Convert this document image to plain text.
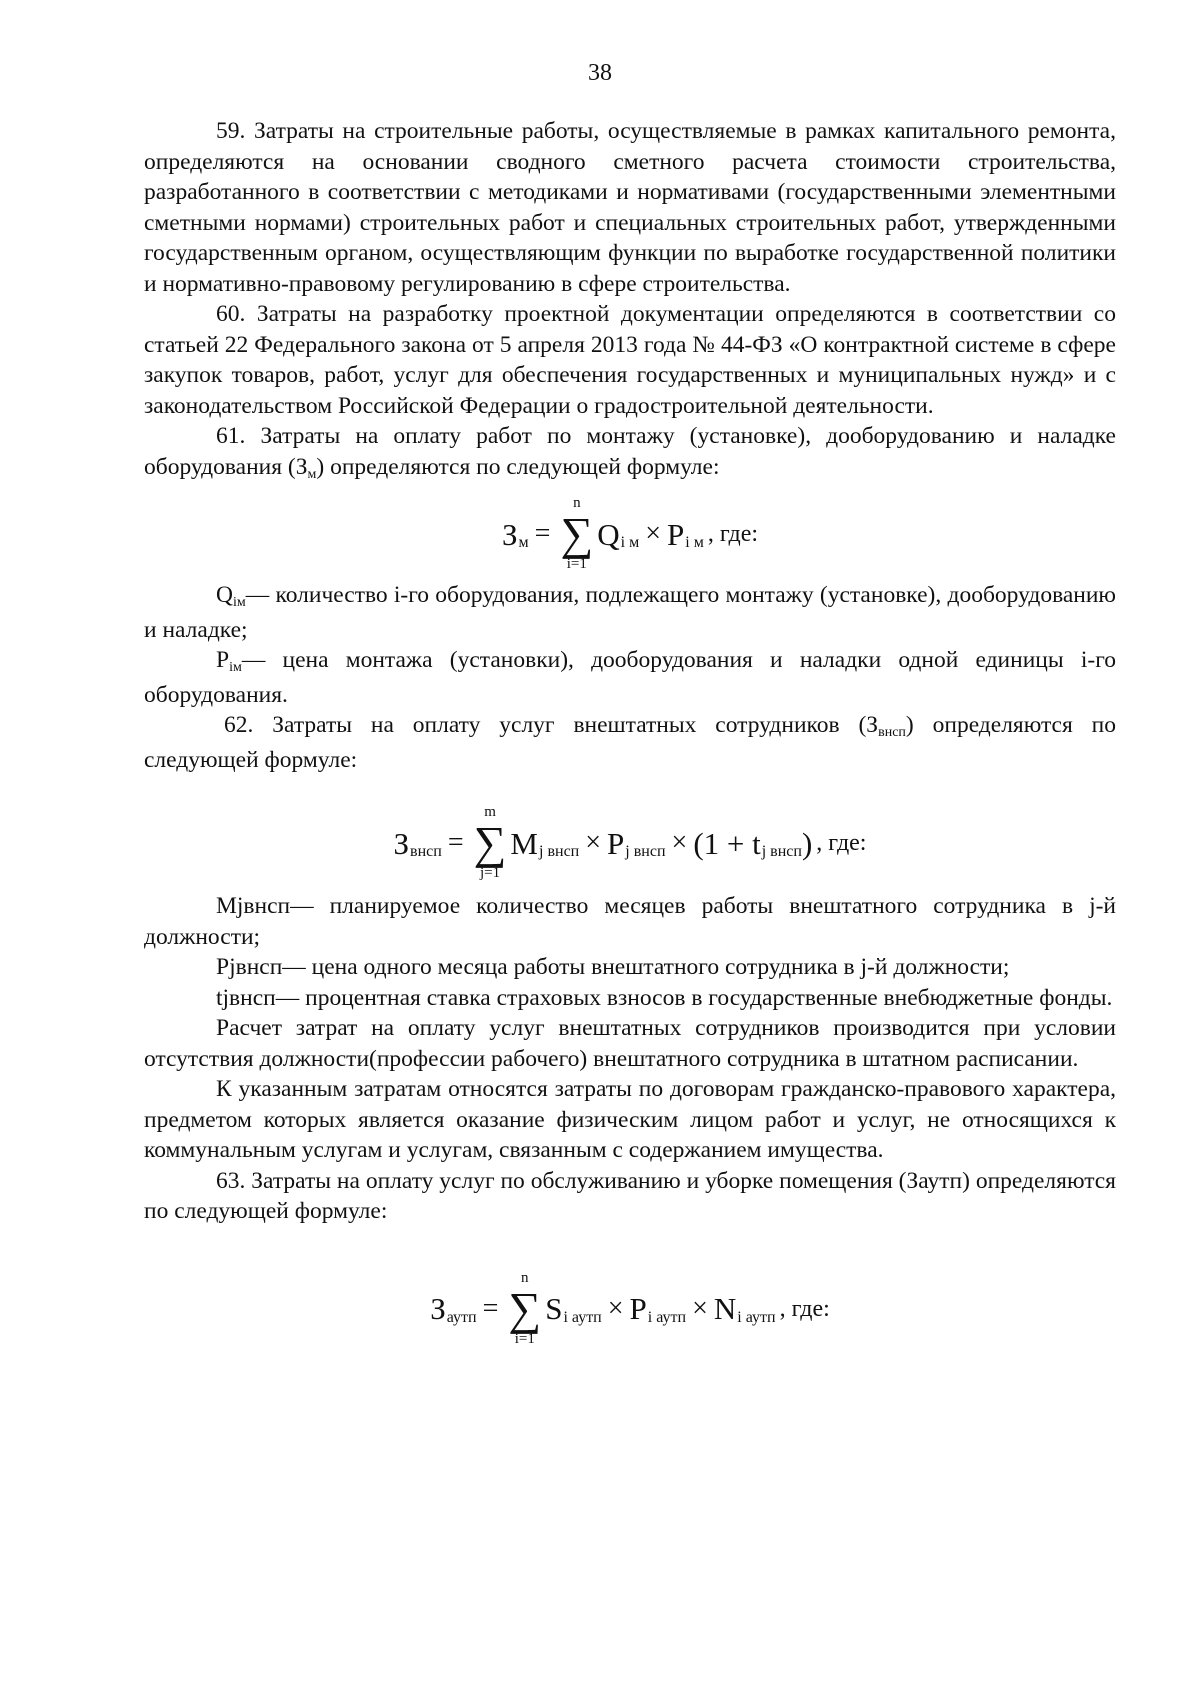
38

59. Затраты на строительные работы, осуществляемые в рамках капитального ремонта, определяются на основании сводного сметного расчета стоимости строительства, разработанного в соответствии с методиками и нормативами (государственными элементными сметными нормами) строительных работ и специальных строительных работ, утвержденными государственным органом, осуществляющим функции по выработке государственной политики и нормативно-правовому регулированию в сфере строительства.

60. Затраты на разработку проектной документации определяются в соответствии со статьей 22 Федерального закона от 5 апреля 2013 года № 44-ФЗ «О контрактной системе в сфере закупок товаров, работ, услуг для обеспечения государственных и муниципальных нужд» и с законодательством Российской Федерации о градостроительной деятельности.

61. Затраты на оплату работ по монтажу (установке), дооборудованию и наладке оборудования (Зм) определяются по следующей формуле:

З м =
n
∑
i=1
Q i м × P i м , где:

Qiм— количество i-го оборудования, подлежащего монтажу (установке), дооборудованию и наладке;

Piм— цена монтажа (установки), дооборудования и наладки одной единицы i-го оборудования.

62. Затраты на оплату услуг внештатных сотрудников (Звнсп) определяются по следующей формуле:

З внсп =
m
∑
j=1
M j внсп × P j внсп × (1 + t j внсп ) , где:

Мjвнсп— планируемое количество месяцев работы внештатного сотрудника в j-й должности;

Рjвнсп— цена одного месяца работы внештатного сотрудника в j-й должности;

tjвнсп— процентная ставка страховых взносов в государственные внебюджетные фонды.

Расчет затрат на оплату услуг внештатных сотрудников производится при условии отсутствия должности(профессии рабочего) внештатного сотрудника в штатном расписании.

К указанным затратам относятся затраты по договорам гражданско-правового характера, предметом которых является оказание физическим лицом работ и услуг, не относящихся к коммунальным услугам и услугам, связанным с содержанием имущества.

63. Затраты на оплату услуг по обслуживанию и уборке помещения (Заутп) определяются по следующей формуле:

З аутп =
n
∑
i=1
S i аутп × P i аутп × N i аутп , где:
